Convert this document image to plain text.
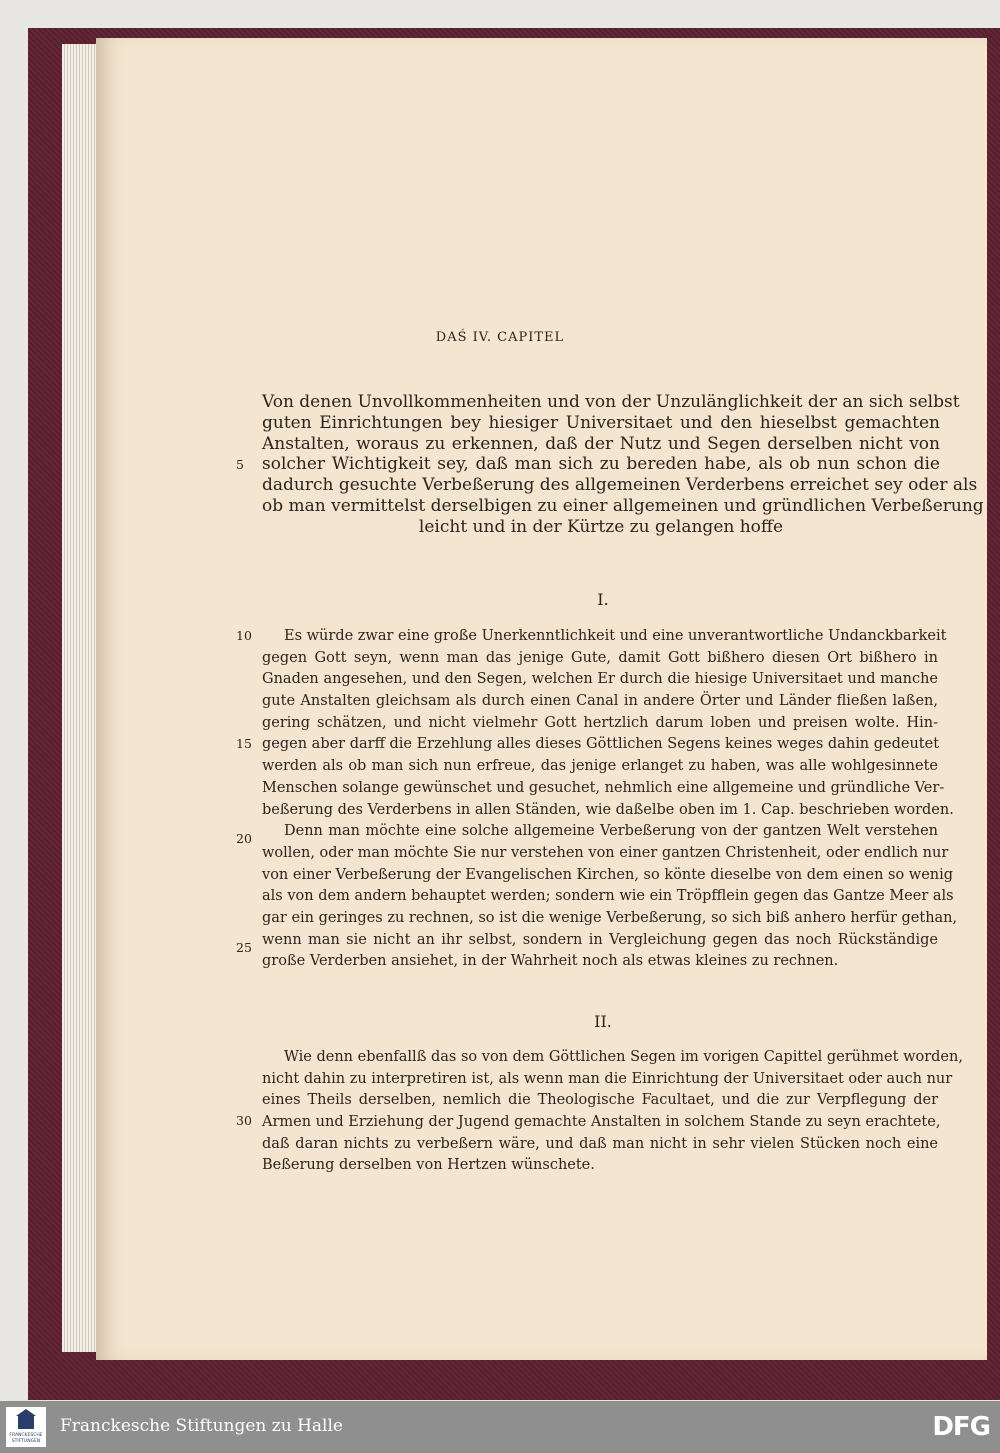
DAŚ IV. CAPITEL
Von denen Unvollkommenheiten und von der Unzulänglichkeit der an sich selbst
guten Einrichtungen bey hiesiger Universitaet und den hieselbst gemachten
Anstalten, woraus zu erkennen, daß der Nutz und Segen derselben nicht von
solcher Wichtigkeit sey, daß man sich zu bereden habe, als ob nun schon die
dadurch gesuchte Verbeßerung des allgemeinen Verderbens erreichet sey oder als
ob man vermittelst derselbigen zu einer allgemeinen und gründlichen Verbeßerung
leicht und in der Kürtze zu gelangen hoffe
5
I.
Es würde zwar eine große Unerkenntlichkeit und eine unverantwortliche Undanckbarkeit
gegen Gott seyn, wenn man das jenige Gute, damit Gott bißhero diesen Ort bißhero in
Gnaden angesehen, und den Segen, welchen Er durch die hiesige Universitaet und manche
gute Anstalten gleichsam als durch einen Canal in andere Örter und Länder fließen laßen,
gering schätzen, und nicht vielmehr Gott hertzlich darum loben und preisen wolte. Hin-
gegen aber darff die Erzehlung alles dieses Göttlichen Segens keines weges dahin gedeutet
werden als ob man sich nun erfreue, das jenige erlanget zu haben, was alle wohlgesinnete
Menschen solange gewünschet und gesuchet, nehmlich eine allgemeine und gründliche Ver-
beßerung des Verderbens in allen Ständen, wie daßelbe oben im 1. Cap. beschrieben worden.
Denn man möchte eine solche allgemeine Verbeßerung von der gantzen Welt verstehen
wollen, oder man möchte Sie nur verstehen von einer gantzen Christenheit, oder endlich nur
von einer Verbeßerung der Evangelischen Kirchen, so könte dieselbe von dem einen so wenig
als von dem andern behauptet werden; sondern wie ein Tröpfflein gegen das Gantze Meer als
gar ein geringes zu rechnen, so ist die wenige Verbeßerung, so sich biß anhero herfür gethan,
wenn man sie nicht an ihr selbst, sondern in Vergleichung gegen das noch Rückständige
große Verderben ansiehet, in der Wahrheit noch als etwas kleines zu rechnen.
10
15
20
25
II.
Wie denn ebenfallß das so von dem Göttlichen Segen im vorigen Capittel gerühmet worden,
nicht dahin zu interpretiren ist, als wenn man die Einrichtung der Universitaet oder auch nur
eines Theils derselben, nemlich die Theologische Facultaet, und die zur Verpflegung der
Armen und Erziehung der Jugend gemachte Anstalten in solchem Stande zu seyn erachtete,
daß daran nichts zu verbeßern wäre, und daß man nicht in sehr vielen Stücken noch eine
Beßerung derselben von Hertzen wünschete.
30
FRANCKESCHE
STIFTUNGEN
Franckesche Stiftungen zu Halle	DFG
